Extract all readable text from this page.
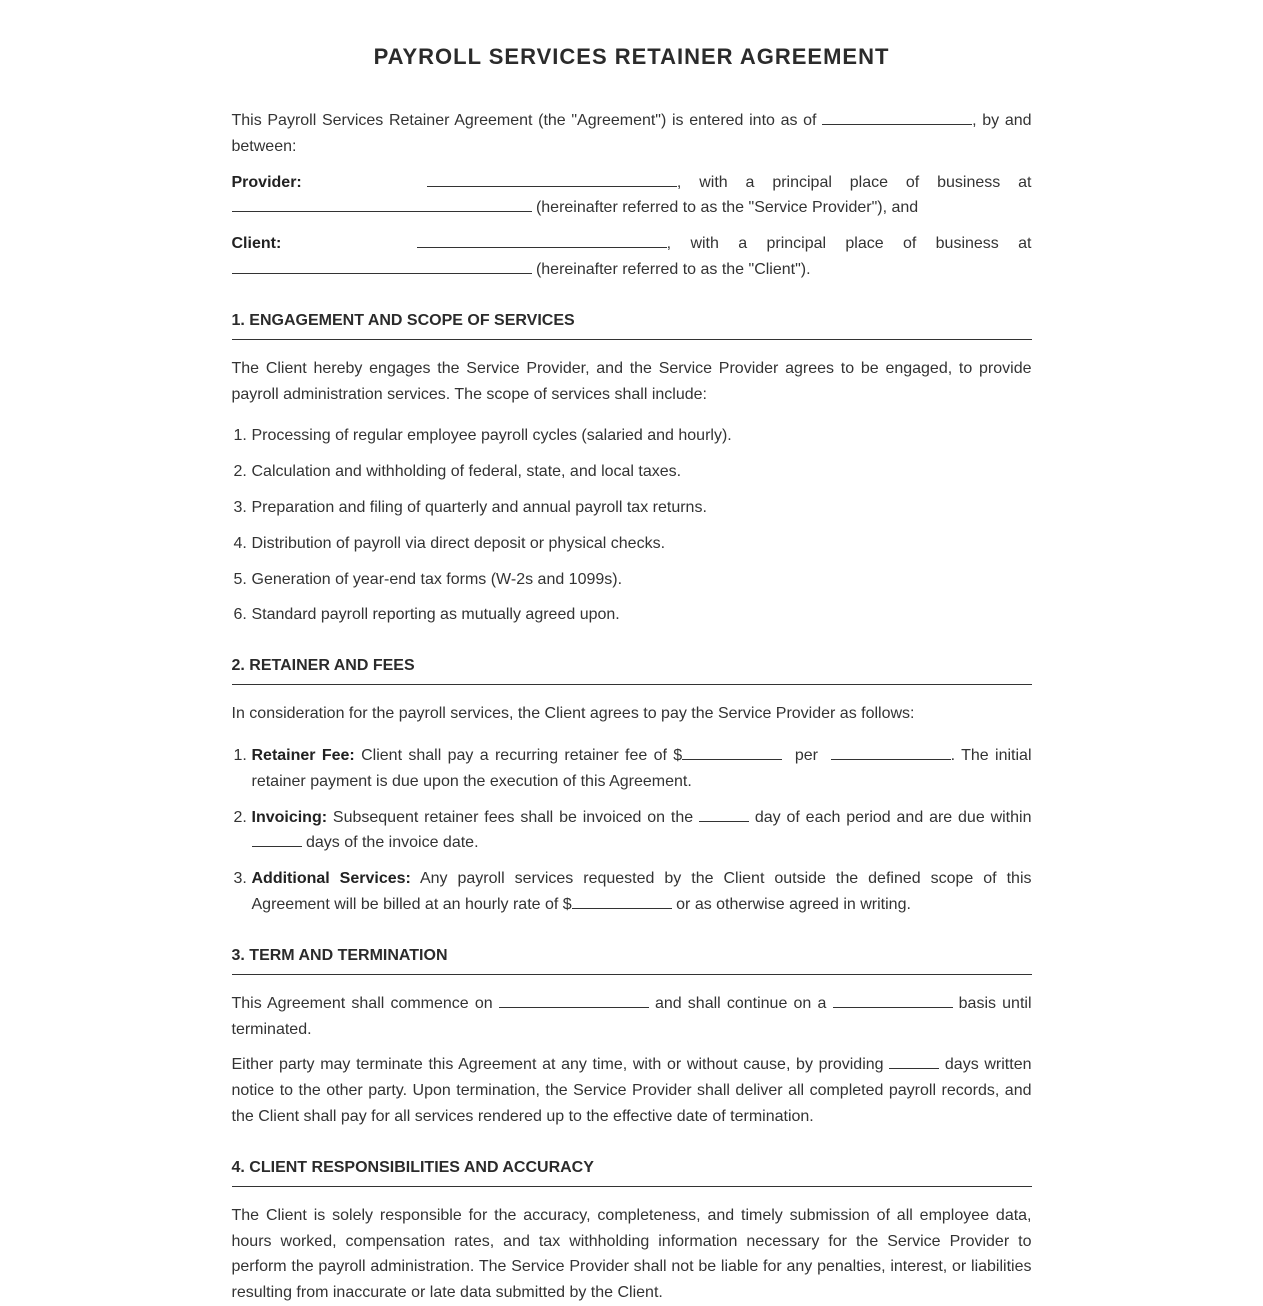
PAYROLL SERVICES RETAINER AGREEMENT

This Payroll Services Retainer Agreement (the "Agreement") is entered into as of	, by and between:

Provider:	, with a principal place of business at  (hereinafter referred to as the "Service Provider"), and

Client:	, with a principal place of business at  (hereinafter referred to as the "Client").

1. ENGAGEMENT AND SCOPE OF SERVICES

The Client hereby engages the Service Provider, and the Service Provider agrees to be engaged, to provide payroll administration services. The scope of services shall include:

1. Processing of regular employee payroll cycles (salaried and hourly).
2. Calculation and withholding of federal, state, and local taxes.
3. Preparation and filing of quarterly and annual payroll tax returns.
4. Distribution of payroll via direct deposit or physical checks.
5. Generation of year-end tax forms (W-2s and 1099s).
6. Standard payroll reporting as mutually agreed upon.
2. RETAINER AND FEES

In consideration for the payroll services, the Client agrees to pay the Service Provider as follows:

1. Retainer Fee: Client shall pay a recurring retainer fee of $	per	. The initial retainer payment is due upon the execution of this Agreement.
2. Invoicing: Subsequent retainer fees shall be invoiced on the	day of each period and are due within  days of the invoice date.
3. Additional Services: Any payroll services requested by the Client outside the defined scope of this Agreement will be billed at an hourly rate of $	or as otherwise agreed in writing.
3. TERM AND TERMINATION

This Agreement shall commence on	and shall continue on a	basis until terminated.

Either party may terminate this Agreement at any time, with or without cause, by providing	days written notice to the other party. Upon termination, the Service Provider shall deliver all completed payroll records, and the Client shall pay for all services rendered up to the effective date of termination.

4. CLIENT RESPONSIBILITIES AND ACCURACY

The Client is solely responsible for the accuracy, completeness, and timely submission of all employee data, hours worked, compensation rates, and tax withholding information necessary for the Service Provider to perform the payroll administration. The Service Provider shall not be liable for any penalties, interest, or liabilities resulting from inaccurate or late data submitted by the Client.
